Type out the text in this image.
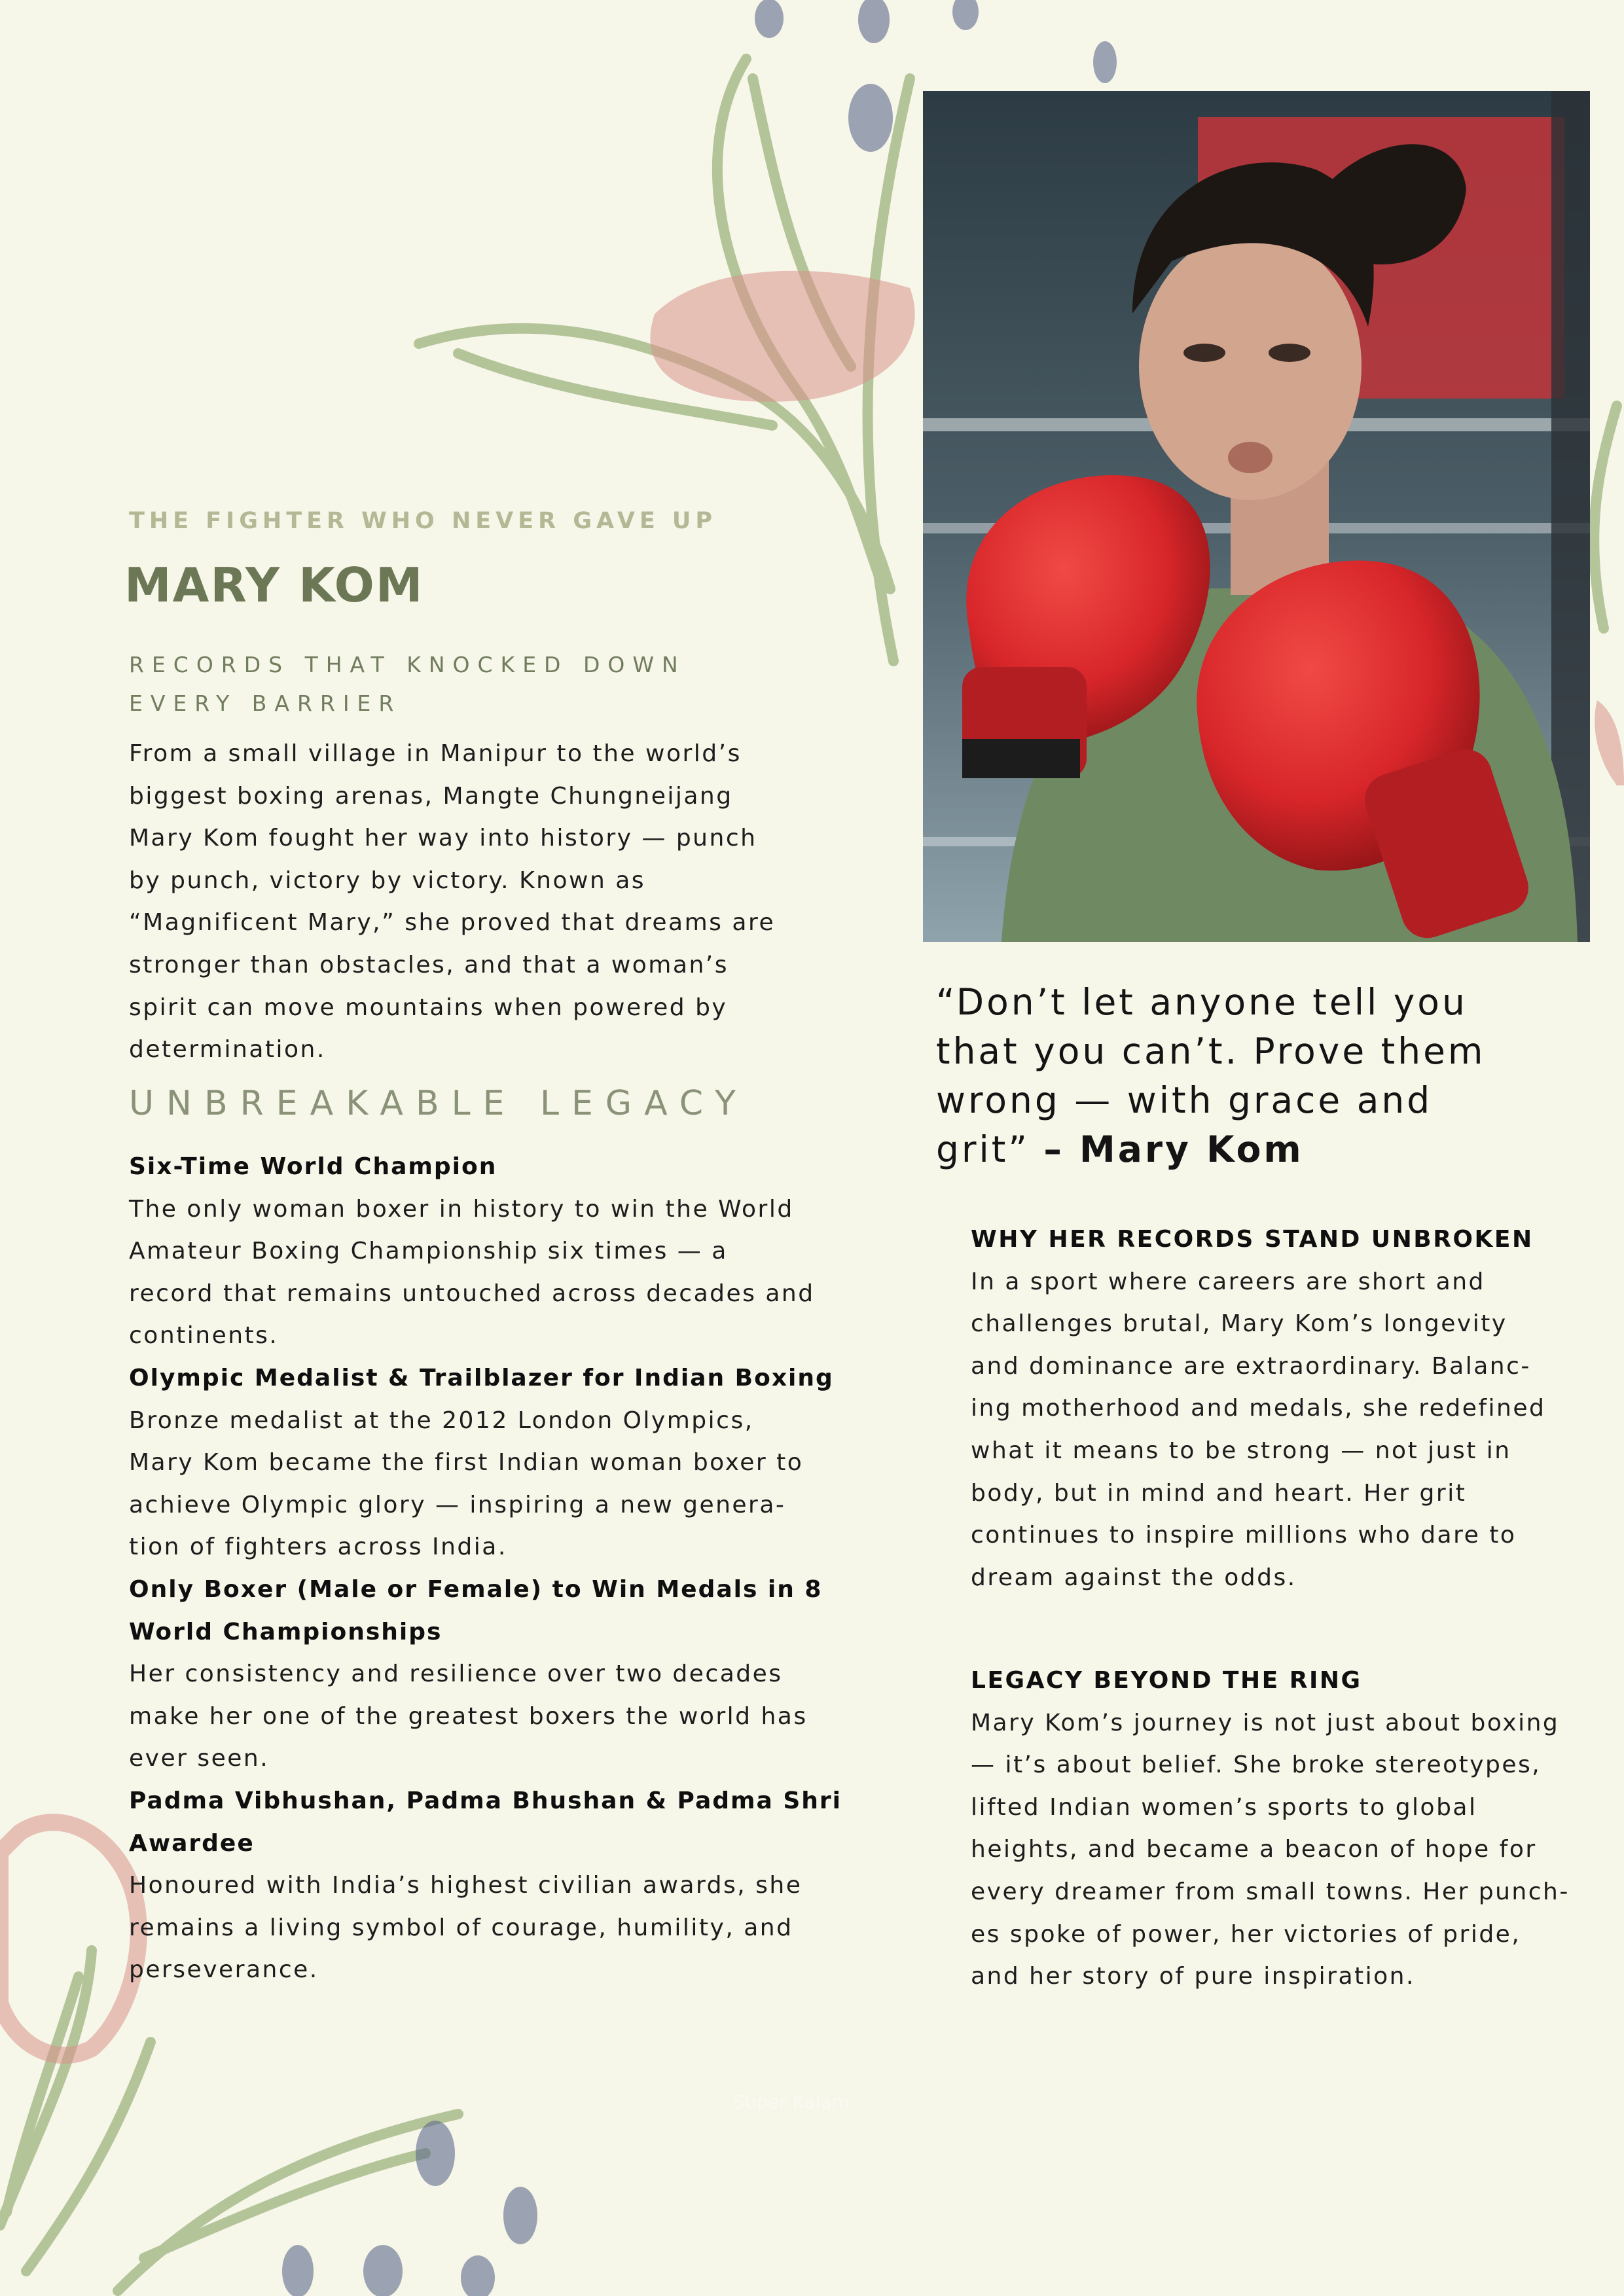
THE FIGHTER WHO NEVER GAVE UP
MARY KOM
RECORDS THAT KNOCKED DOWN
EVERY BARRIER
From a small village in Manipur to the world’s
biggest boxing arenas, Mangte Chungneijang
Mary Kom fought her way into history — punch
by punch, victory by victory. Known as
“Magnificent Mary,” she proved that dreams are
stronger than obstacles, and that a woman’s
spirit can move mountains when powered by
determination.
UNBREAKABLE LEGACY
Six-Time World Champion
The only woman boxer in history to win the World
Amateur Boxing Championship six times — a
record that remains untouched across decades and
continents.
Olympic Medalist & Trailblazer for Indian Boxing
Bronze medalist at the 2012 London Olympics,
Mary Kom became the first Indian woman boxer to
achieve Olympic glory — inspiring a new genera-
tion of fighters across India.
Only Boxer (Male or Female) to Win Medals in 8
World Championships
Her consistency and resilience over two decades
make her one of the greatest boxers the world has
ever seen.
Padma Vibhushan, Padma Bhushan & Padma Shri
Awardee
Honoured with India’s highest civilian awards, she
remains a living symbol of courage, humility, and
perseverance.
“Don’t let anyone tell you
that you can’t. Prove them
wrong — with grace and
grit” – Mary Kom
WHY HER RECORDS STAND UNBROKEN
In a sport where careers are short and
challenges brutal, Mary Kom’s longevity
and dominance are extraordinary. Balanc-
ing motherhood and medals, she redefined
what it means to be strong — not just in
body, but in mind and heart. Her grit
continues to inspire millions who dare to
dream against the odds.
LEGACY BEYOND THE RING
Mary Kom’s journey is not just about boxing
— it’s about belief. She broke stereotypes,
lifted Indian women’s sports to global
heights, and became a beacon of hope for
every dreamer from small towns. Her punch-
es spoke of power, her victories of pride,
and her story of pure inspiration.
Super Kalam
